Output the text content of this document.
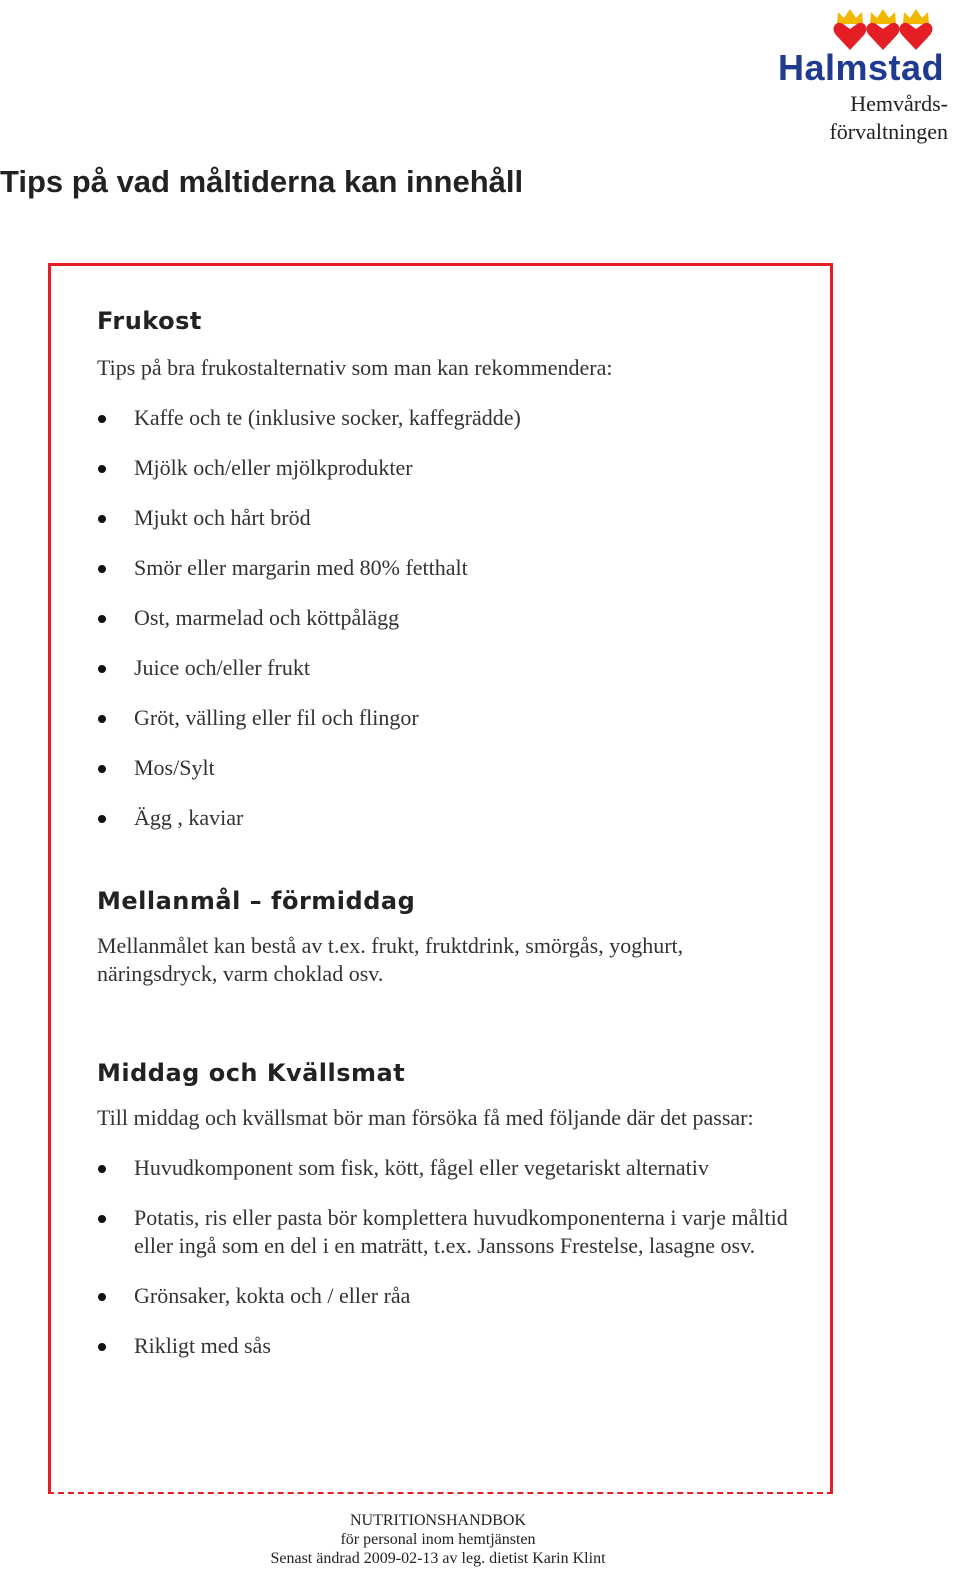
Halmstad
Hemvårds-
förvaltningen
Tips på vad måltiderna kan innehåll
Frukost
Tips på bra frukostalternativ som man kan rekommendera:
Kaffe och te (inklusive socker, kaffegrädde)
Mjölk och/eller mjölkprodukter
Mjukt och hårt bröd
Smör eller margarin med 80% fetthalt
Ost, marmelad och köttpålägg
Juice och/eller frukt
Gröt, välling eller fil och flingor
Mos/Sylt
Ägg , kaviar
Mellanmål – förmiddag
Mellanmålet kan bestå av t.ex. frukt, fruktdrink, smörgås, yoghurt, näringsdryck, varm choklad osv.
Middag och Kvällsmat
Till middag och kvällsmat bör man försöka få med följande där det passar:
Huvudkomponent som fisk, kött, fågel eller vegetariskt alternativ
Potatis, ris eller pasta bör komplettera huvudkomponenterna i varje måltid eller ingå som en del i en maträtt, t.ex. Janssons Frestelse, lasagne osv.
Grönsaker, kokta och / eller råa
Rikligt med sås
NUTRITIONSHANDBOK
för personal inom hemtjänsten
Senast ändrad 2009-02-13 av leg. dietist Karin Klint
